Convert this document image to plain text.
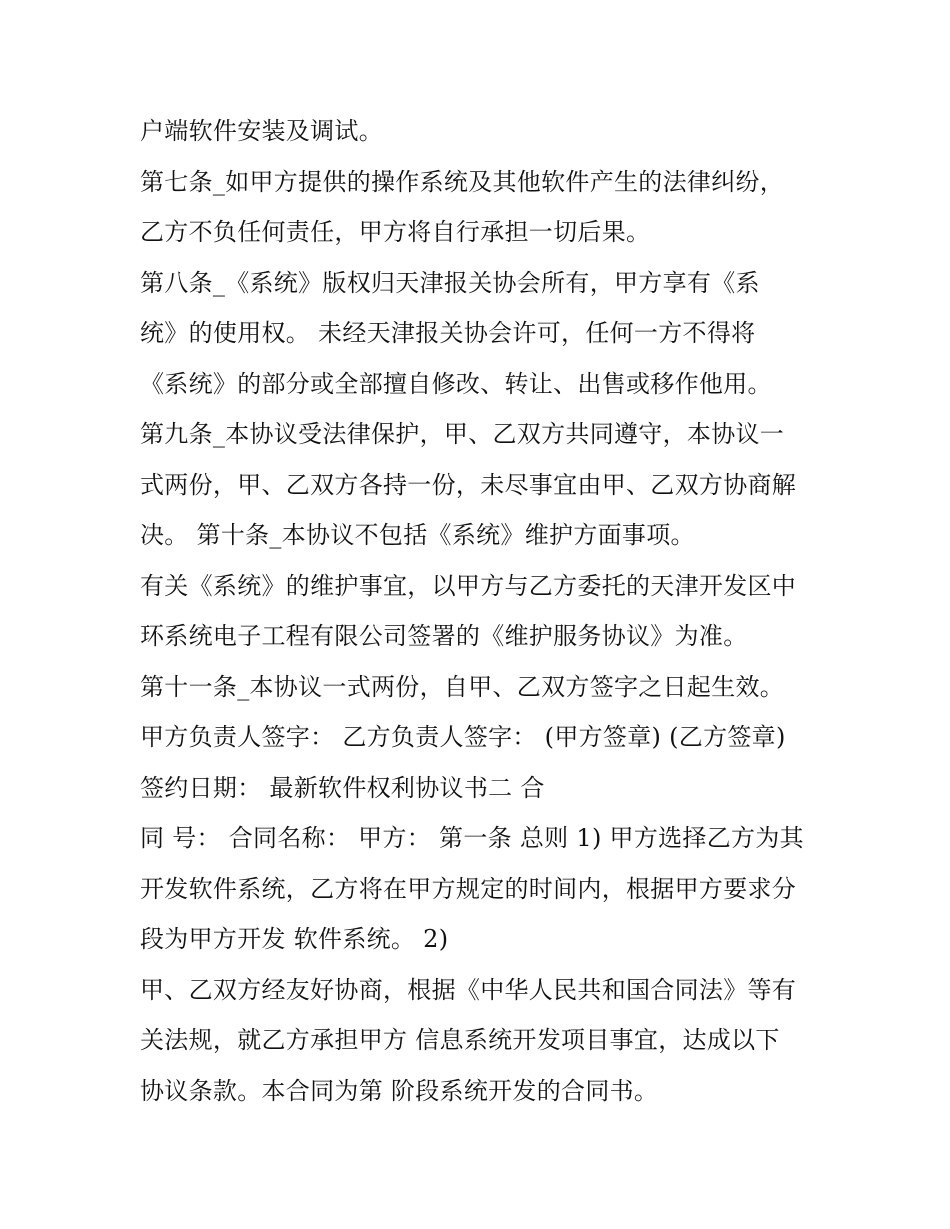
户端软件安装及调试。
第七条_如甲方提供的操作系统及其他软件产生的法律纠纷，
乙方不负任何责任，甲方将自行承担一切后果。
第八条_《系统》版权归天津报关协会所有，甲方享有《系
统》的使用权。 未经天津报关协会许可，任何一方不得将
《系统》的部分或全部擅自修改、转让、出售或移作他用。
第九条_本协议受法律保护，甲、乙双方共同遵守，本协议一
式两份，甲、乙双方各持一份，未尽事宜由甲、乙双方协商解
决。 第十条_本协议不包括《系统》维护方面事项。
有关《系统》的维护事宜，以甲方与乙方委托的天津开发区中
环系统电子工程有限公司签署的《维护服务协议》为准。
第十一条_本协议一式两份，自甲、乙双方签字之日起生效。
甲方负责人签字： 乙方负责人签字： (甲方签章) (乙方签章)
签约日期： 最新软件权利协议书二 合
同 号： 合同名称： 甲方： 第一条 总则 1) 甲方选择乙方为其
开发软件系统，乙方将在甲方规定的时间内，根据甲方要求分
段为甲方开发 软件系统。 2)
甲、乙双方经友好协商，根据《中华人民共和国合同法》等有
关法规，就乙方承担甲方 信息系统开发项目事宜，达成以下
协议条款。本合同为第 阶段系统开发的合同书。
